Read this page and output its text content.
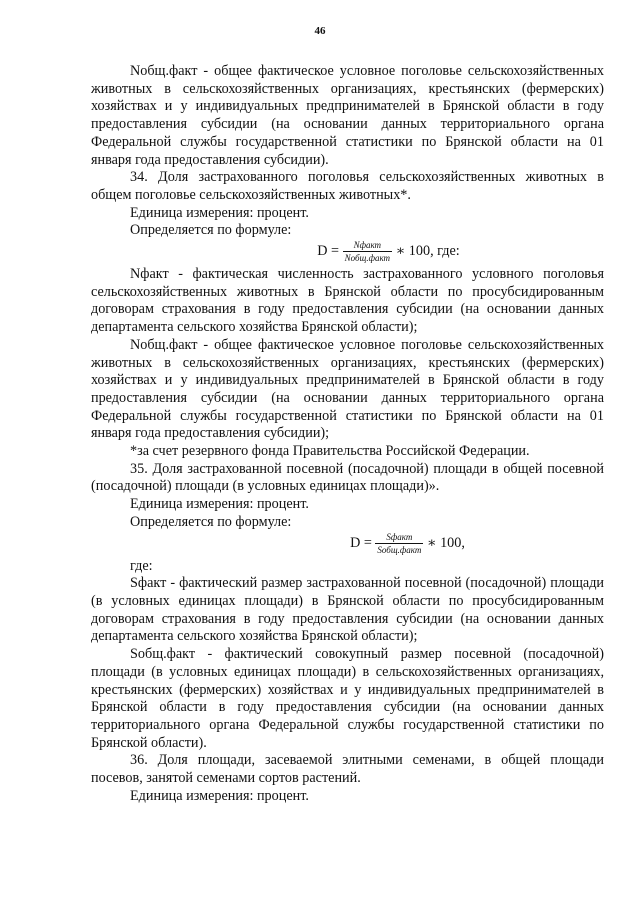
46

Nобщ.факт - общее фактическое условное поголовье сельскохозяйственных животных в сельскохозяйственных организациях, крестьянских (фермерских) хозяйствах и у индивидуальных предпринимателей в Брянской области в году предоставления субсидии (на основании данных территориального органа Федеральной службы государственной статистики по Брянской области на 01 января года предоставления субсидии).

34. Доля застрахованного поголовья сельскохозяйственных животных в общем поголовье сельскохозяйственных животных*.

Единица измерения: процент.

Определяется по формуле:

$D = \frac{\text{Nфакт}}{\text{Nобщ.факт}}$ ∗ 100, где:

Nфакт - фактическая численность застрахованного условного поголовья сельскохозяйственных животных в Брянской области по просубсидированным договорам страхования в году предоставления субсидии (на основании данных департамента сельского хозяйства Брянской области);

Nобщ.факт - общее фактическое условное поголовье сельскохозяйственных животных в сельскохозяйственных организациях, крестьянских (фермерских) хозяйствах и у индивидуальных предпринимателей в Брянской области в году предоставления субсидии (на основании данных территориального органа Федеральной службы государственной статистики по Брянской области на 01 января года предоставления субсидии);

*за счет резервного фонда Правительства Российской Федерации.

35. Доля застрахованной посевной (посадочной) площади в общей посевной (посадочной) площади (в условных единицах площади)».

Единица измерения: процент.

Определяется по формуле:

$D = \frac{\text{Sфакт}}{\text{Sобщ.факт}}$ ∗ 100,

где:

Sфакт - фактический размер застрахованной посевной (посадочной) площади (в условных единицах площади) в Брянской области по просубсидированным договорам страхования в году предоставления субсидии (на основании данных департамента сельского хозяйства Брянской области);

Sобщ.факт - фактический совокупный размер посевной (посадочной) площади (в условных единицах площади) в сельскохозяйственных организациях, крестьянских (фермерских) хозяйствах и у индивидуальных предпринимателей в Брянской области в году предоставления субсидии (на основании данных территориального органа Федеральной службы государственной статистики по Брянской области).

36. Доля площади, засеваемой элитными семенами, в общей площади посевов, занятой семенами сортов растений.

Единица измерения: процент.
